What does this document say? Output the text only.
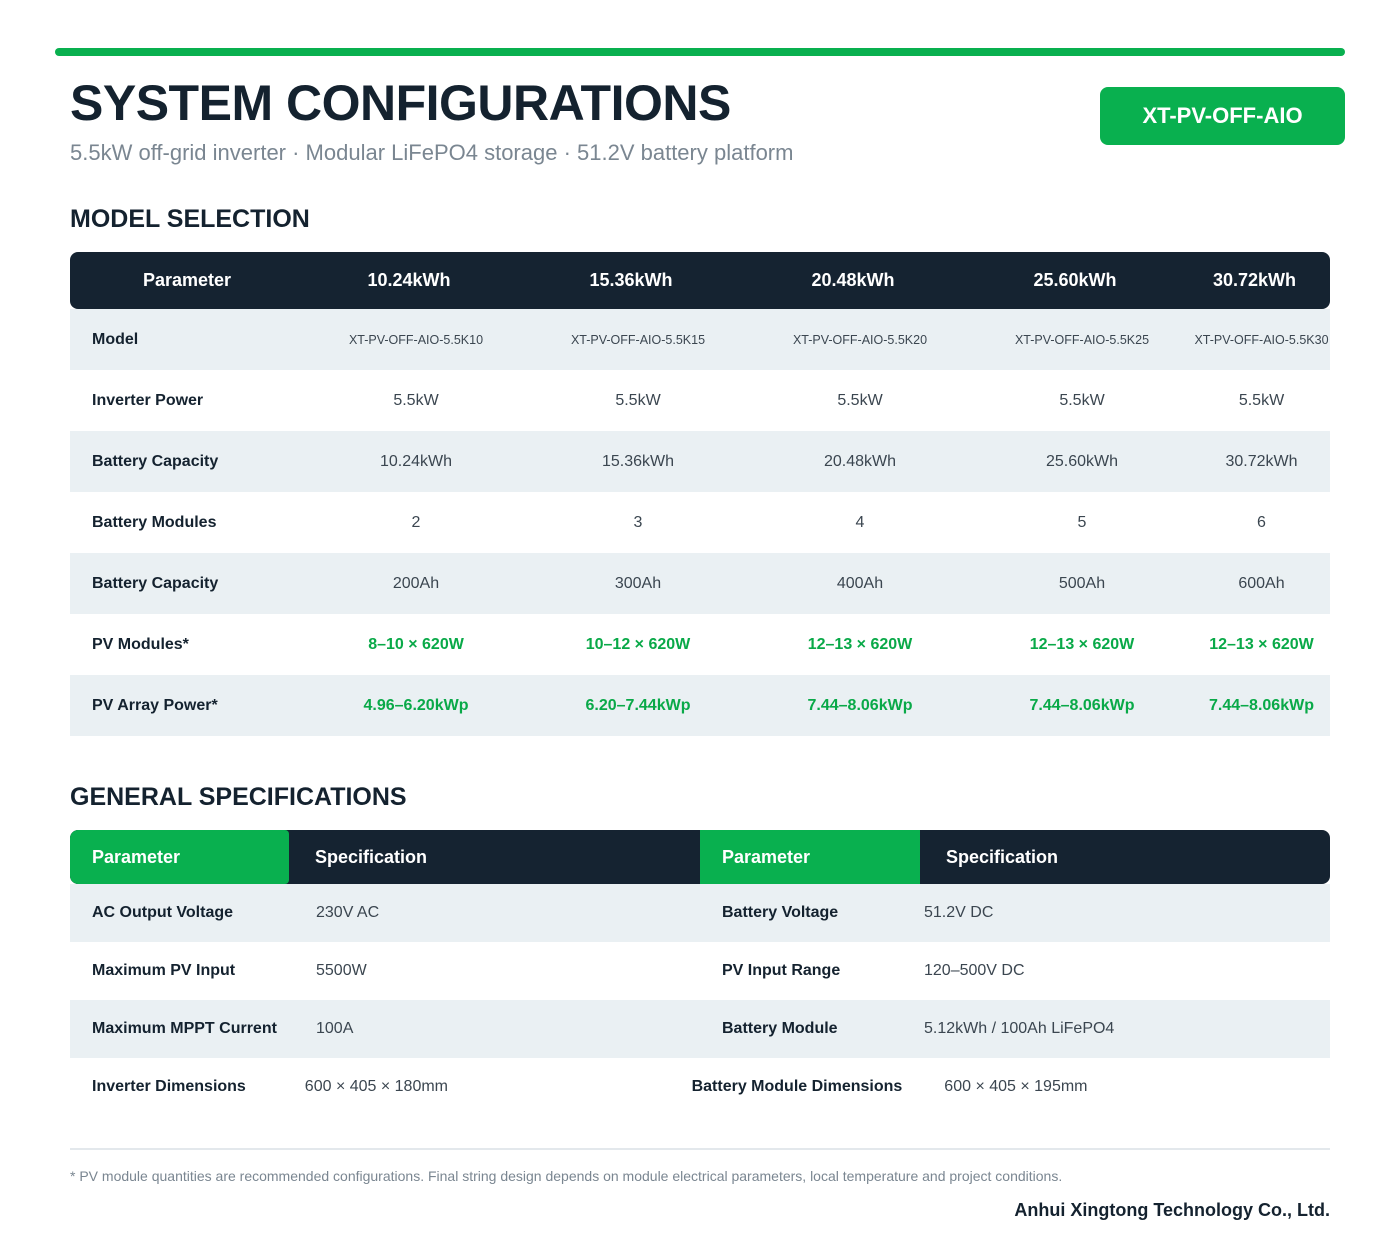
SYSTEM CONFIGURATIONS
5.5kW off-grid inverter · Modular LiFePO4 storage · 51.2V battery platform
XT-PV-OFF-AIO
MODEL SELECTION
Parameter	10.24kWh	15.36kWh	20.48kWh	25.60kWh	30.72kWh
Model	XT-PV-OFF-AIO-5.5K10	XT-PV-OFF-AIO-5.5K15	XT-PV-OFF-AIO-5.5K20	XT-PV-OFF-AIO-5.5K25	XT-PV-OFF-AIO-5.5K30
Inverter Power	5.5kW	5.5kW	5.5kW	5.5kW	5.5kW
Battery Capacity	10.24kWh	15.36kWh	20.48kWh	25.60kWh	30.72kWh
Battery Modules	2	3	4	5	6
Battery Capacity	200Ah	300Ah	400Ah	500Ah	600Ah
PV Modules*	8–10 × 620W	10–12 × 620W	12–13 × 620W	12–13 × 620W	12–13 × 620W
PV Array Power*	4.96–6.20kWp	6.20–7.44kWp	7.44–8.06kWp	7.44–8.06kWp	7.44–8.06kWp
GENERAL SPECIFICATIONS
Parameter	Specification	Parameter	Specification
AC Output Voltage	230V AC	Battery Voltage	51.2V DC
Maximum PV Input	5500W	PV Input Range	120–500V DC
Maximum MPPT Current	100A	Battery Module	5.12kWh / 100Ah LiFePO4
Inverter Dimensions	600 × 405 × 180mm	Battery Module Dimensions	600 × 405 × 195mm
* PV module quantities are recommended configurations. Final string design depends on module electrical parameters, local temperature and project conditions.
Anhui Xingtong Technology Co., Ltd.
